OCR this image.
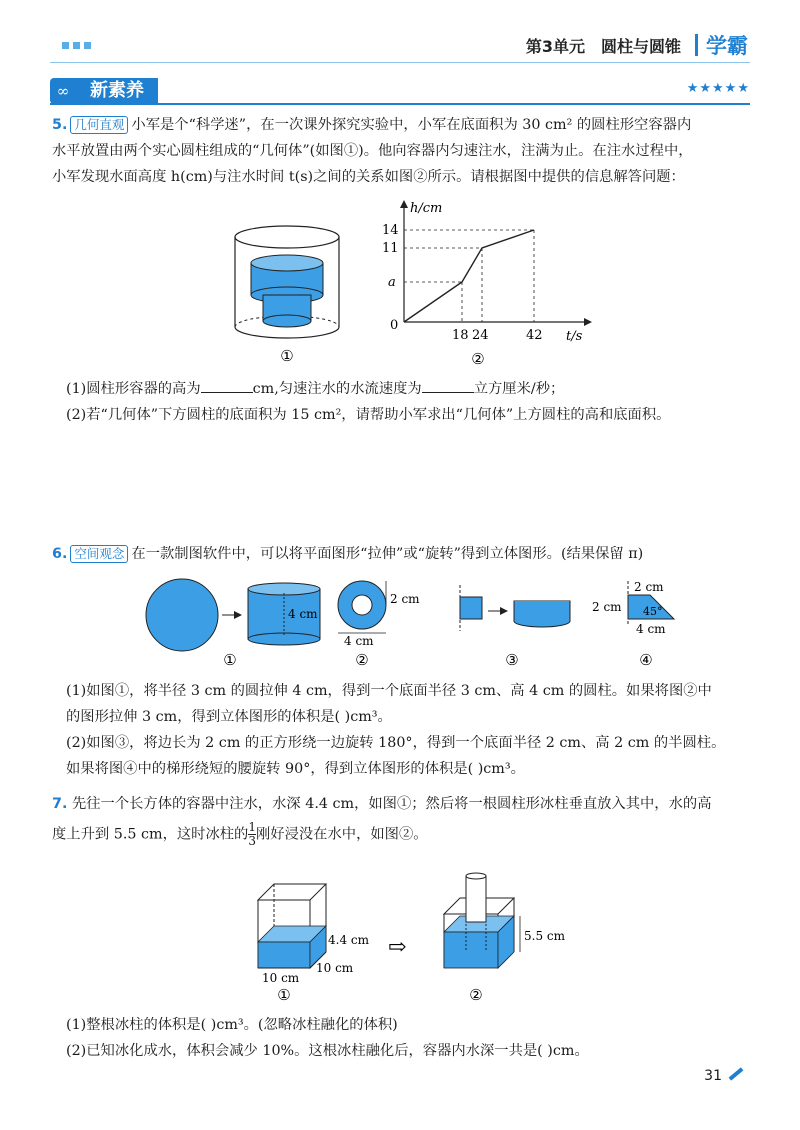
第3单元 圆柱与圆锥 学霸
∞	新素养	★★★★★
5. 几何直观 小军是个“科学迷”，在一次课外探究实验中，小军在底面积为 30 cm² 的圆柱形空容器内
水平放置由两个实心圆柱组成的“几何体”(如图①)。他向容器内匀速注水，注满为止。在注水过程中，
小军发现水面高度 h(cm)与注水时间 t(s)之间的关系如图②所示。请根据图中提供的信息解答问题：
①
h/cm
t/s
0
14
11
a
18 24	42
②
(1)圆柱形容器的高为	cm,匀速注水的水流速度为	立方厘米/秒；
(2)若“几何体”下方圆柱的底面积为 15 cm²，请帮助小军求出“几何体”上方圆柱的高和底面积。
6. 空间观念 在一款制图软件中，可以将平面图形“拉伸”或“旋转”得到立体图形。(结果保留 π)
4 cm
①
2 cm
4 cm
②	③
2 cm
2 cm 45°
4 cm
④
(1)如图①，将半径 3 cm 的圆拉伸 4 cm，得到一个底面半径 3 cm、高 4 cm 的圆柱。如果将图②中
的图形拉伸 3 cm，得到立体图形的体积是( )cm³。
(2)如图③，将边长为 2 cm 的正方形绕一边旋转 180°，得到一个底面半径 2 cm、高 2 cm 的半圆柱。
如果将图④中的梯形绕短的腰旋转 90°，得到立体图形的体积是( )cm³。
7. 先往一个长方体的容器中注水，水深 4.4 cm，如图①；然后将一根圆柱形冰柱垂直放入其中，水的高
度上升到 5.5 cm，这时冰柱的 $\frac{1}{3}$ 刚好浸没在水中，如图②。
4.4 cm
10 cm
10 cm
①
⇨	5.5 cm
②
(1)整根冰柱的体积是( )cm³。(忽略冰柱融化的体积)
(2)已知冰化成水，体积会减少 10%。这根冰柱融化后，容器内水深一共是( )cm。
31
